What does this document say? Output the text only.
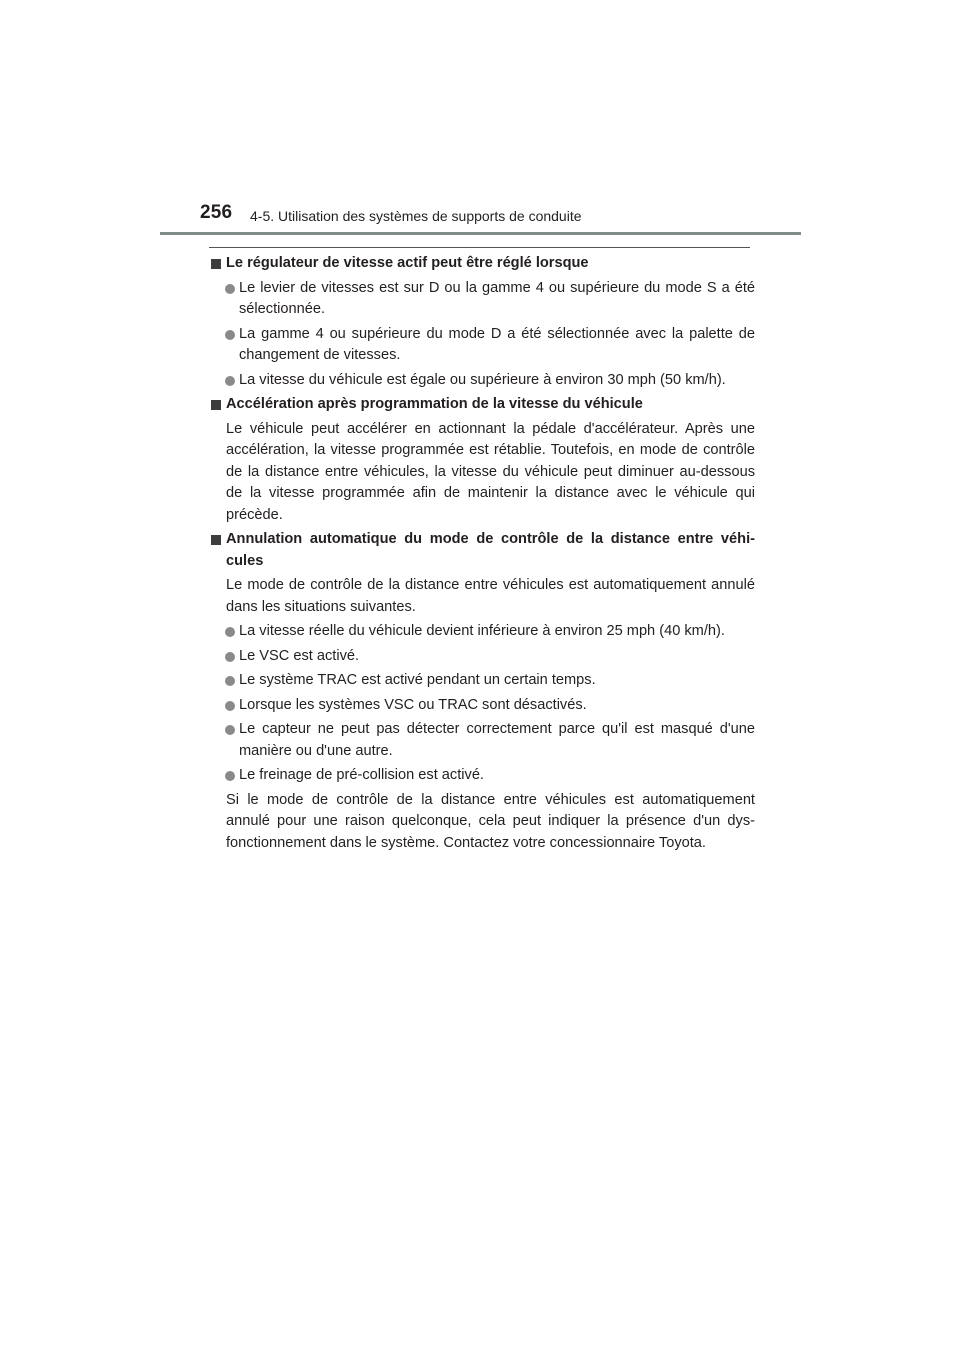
256 4-5. Utilisation des systèmes de supports de conduite
Le régulateur de vitesse actif peut être réglé lorsque
Le levier de vitesses est sur D ou la gamme 4 ou supérieure du mode S a été sélectionnée.
La gamme 4 ou supérieure du mode D a été sélectionnée avec la palette de changement de vitesses.
La vitesse du véhicule est égale ou supérieure à environ 30 mph (50 km/h).
Accélération après programmation de la vitesse du véhicule
Le véhicule peut accélérer en actionnant la pédale d'accélérateur. Après une accélération, la vitesse programmée est rétablie. Toutefois, en mode de contrôle de la distance entre véhicules, la vitesse du véhicule peut diminuer au-dessous de la vitesse programmée afin de maintenir la distance avec le véhicule qui précède.
Annulation automatique du mode de contrôle de la distance entre véhi-cules
Le mode de contrôle de la distance entre véhicules est automatiquement annulé dans les situations suivantes.
La vitesse réelle du véhicule devient inférieure à environ 25 mph (40 km/h).
Le VSC est activé.
Le système TRAC est activé pendant un certain temps.
Lorsque les systèmes VSC ou TRAC sont désactivés.
Le capteur ne peut pas détecter correctement parce qu'il est masqué d'une manière ou d'une autre.
Le freinage de pré-collision est activé.
Si le mode de contrôle de la distance entre véhicules est automatiquement annulé pour une raison quelconque, cela peut indiquer la présence d'un dys-fonctionnement dans le système. Contactez votre concessionnaire Toyota.
